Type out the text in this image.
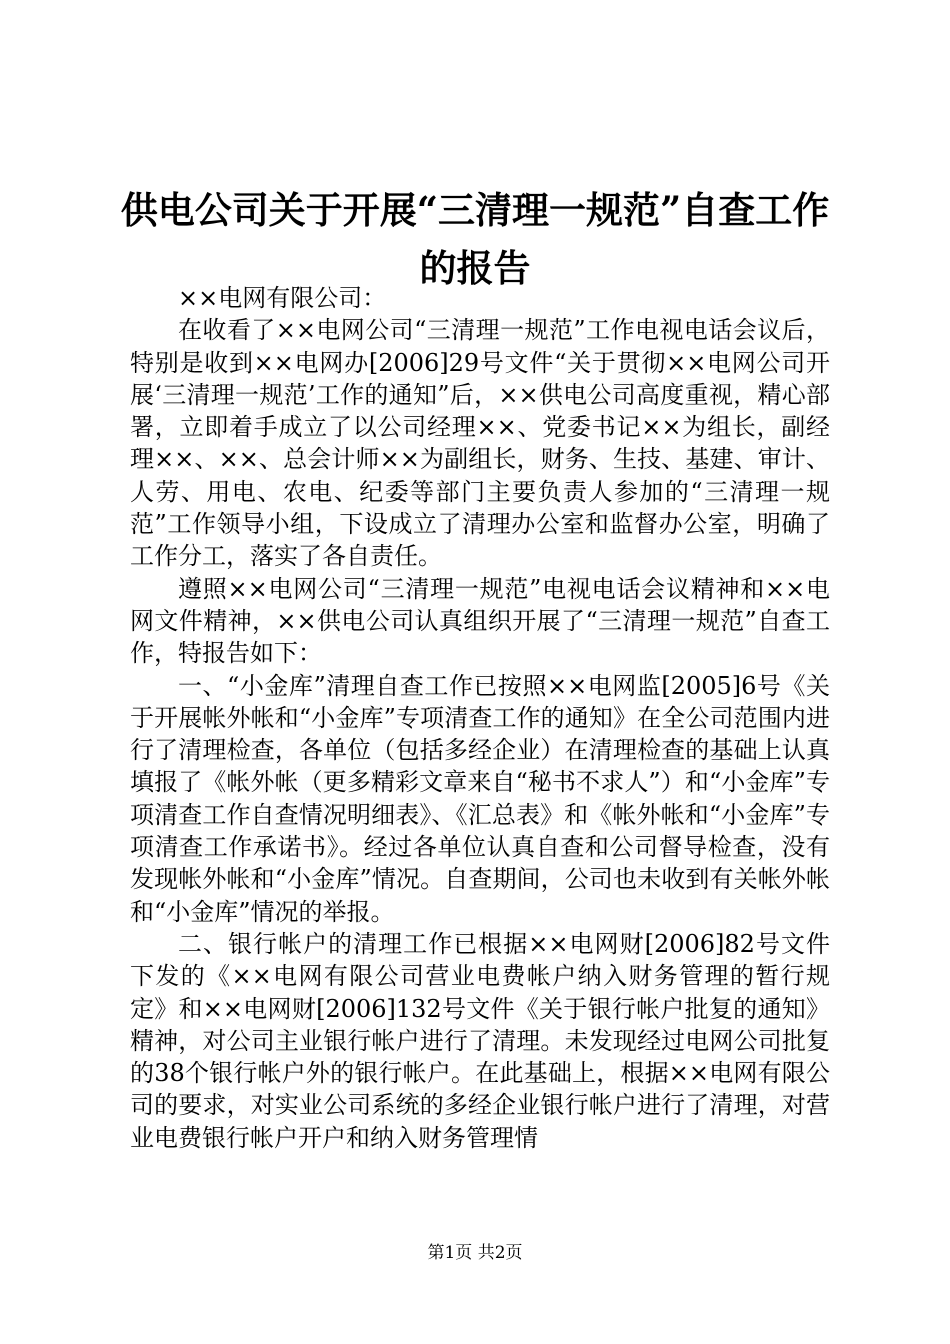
供电公司关于开展“三清理一规范”自查工作
的报告

××电网有限公司：

在收看了××电网公司“三清理一规范”工作电视电话会议后，特别是收到××电网办[2006]29号文件“关于贯彻××电网公司开展‘三清理一规范’工作的通知”后，××供电公司高度重视，精心部署，立即着手成立了以公司经理××、党委书记××为组长，副经理××、××、总会计师××为副组长，财务、生技、基建、审计、人劳、用电、农电、纪委等部门主要负责人参加的“三清理一规范”工作领导小组，下设成立了清理办公室和监督办公室，明确了工作分工，落实了各自责任。

遵照××电网公司“三清理一规范”电视电话会议精神和××电网文件精神，××供电公司认真组织开展了“三清理一规范”自查工作，特报告如下：

一、“小金库”清理自查工作已按照××电网监[2005]6号《关于开展帐外帐和“小金库”专项清查工作的通知》在全公司范围内进行了清理检查，各单位（包括多经企业）在清理检查的基础上认真填报了《帐外帐（更多精彩文章来自“秘书不求人”）和“小金库”专项清查工作自查情况明细表》、《汇总表》和《帐外帐和“小金库”专项清查工作承诺书》。经过各单位认真自查和公司督导检查，没有发现帐外帐和“小金库”情况。自查期间，公司也未收到有关帐外帐和“小金库”情况的举报。

二、银行帐户的清理工作已根据××电网财[2006]82号文件下发的《××电网有限公司营业电费帐户纳入财务管理的暂行规定》和××电网财[2006]132号文件《关于银行帐户批复的通知》精神，对公司主业银行帐户进行了清理。未发现经过电网公司批复的38个银行帐户外的银行帐户。在此基础上，根据××电网有限公司的要求，对实业公司系统的多经企业银行帐户进行了清理，对营业电费银行帐户开户和纳入财务管理情

第1页 共2页
